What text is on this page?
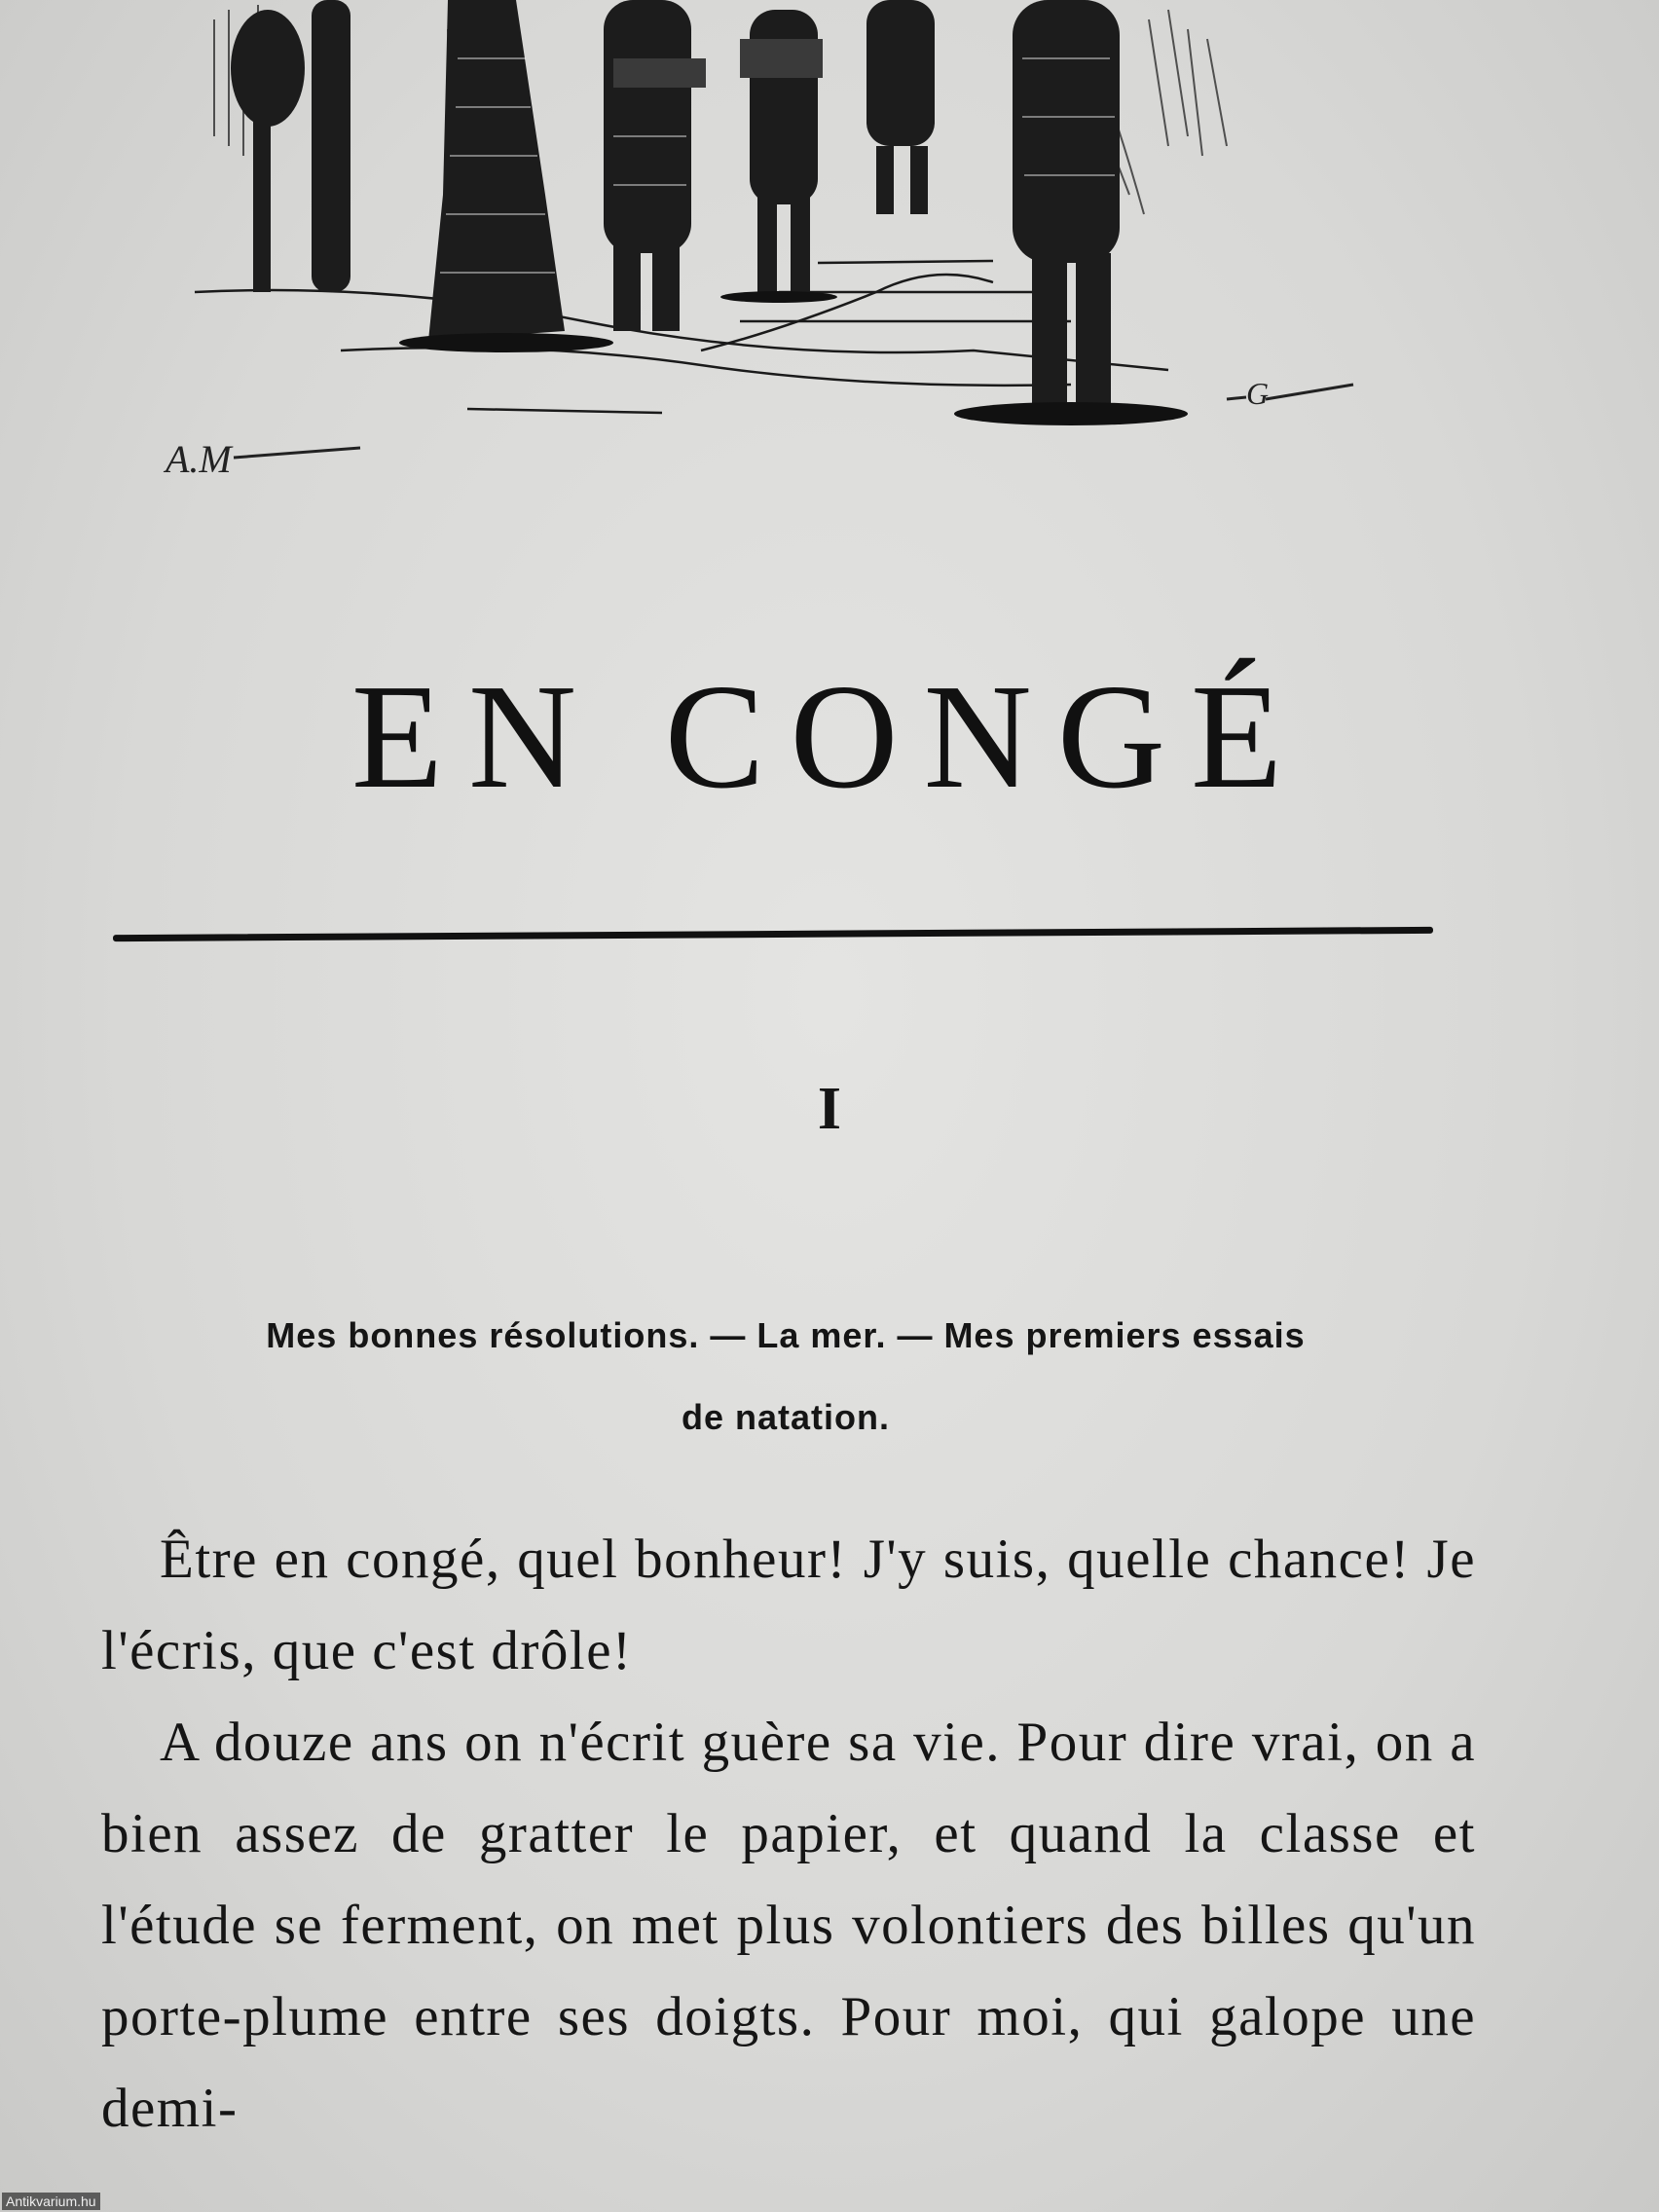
A.M
G
EN CONGÉ
I
Mes bonnes résolutions. — La mer. — Mes premiers essais
de natation.

Être en congé, quel bonheur! J'y suis, quelle chance! Je l'écris, que c'est drôle!

A douze ans on n'écrit guère sa vie. Pour dire vrai, on a bien assez de gratter le papier, et quand la classe et l'étude se ferment, on met plus volontiers des billes qu'un porte-plume entre ses doigts. Pour moi, qui galope une demi-

Antikvarium.hu
